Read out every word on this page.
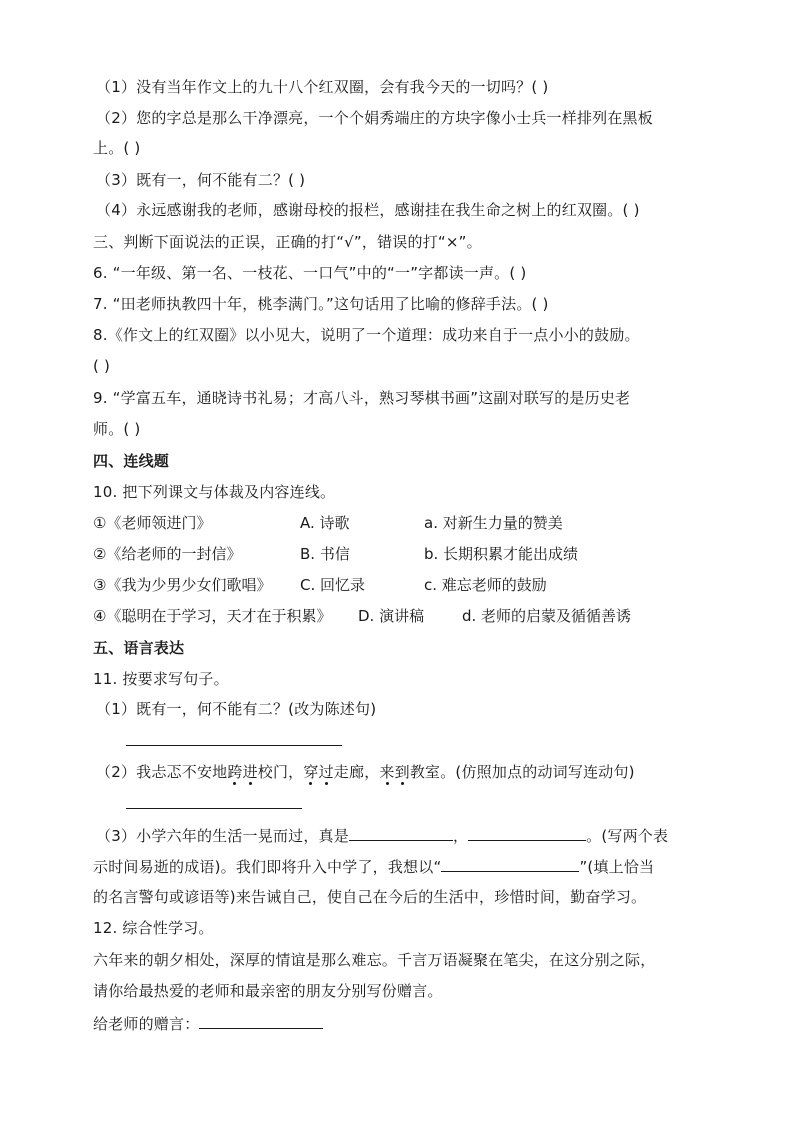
（1）没有当年作文上的九十八个红双圈，会有我今天的一切吗？( )
（2）您的字总是那么干净漂亮，一个个娟秀端庄的方块字像小士兵一样排列在黑板
上。( )
（3）既有一，何不能有二？( )
（4）永远感谢我的老师，感谢母校的报栏，感谢挂在我生命之树上的红双圈。( )
三、判断下面说法的正误，正确的打“√”，错误的打“×”。
6. “一年级、第一名、一枝花、一口气”中的“一”字都读一声。( )
7. “田老师执教四十年，桃李满门。”这句话用了比喻的修辞手法。( )
8.《作文上的红双圈》以小见大，说明了一个道理：成功来自于一点小小的鼓励。
( )
9. “学富五车，通晓诗书礼易；才高八斗，熟习琴棋书画”这副对联写的是历史老
师。( )
四、连线题
10. 把下列课文与体裁及内容连线。
①《老师领进门》	A. 诗歌	a. 对新生力量的赞美
②《给老师的一封信》	B. 书信	b. 长期积累才能出成绩
③《我为少男少女们歌唱》 C. 回忆录	c. 难忘老师的鼓励
④《聪明在于学习，天才在于积累》 D. 演讲稿	d. 老师的启蒙及循循善诱
五、语言表达
11. 按要求写句子。
（1）既有一，何不能有二？(改为陈述句)
（2）我忐忑不安地跨进校门，穿过走廊，来到教室。(仿照加点的动词写连动句)
（3）小学六年的生活一晃而过，真是	，	。(写两个表
示时间易逝的成语)。我们即将升入中学了，我想以“	”(填上恰当
的名言警句或谚语等)来告诫自己，使自己在今后的生活中，珍惜时间，勤奋学习。
12. 综合性学习。
六年来的朝夕相处，深厚的情谊是那么难忘。千言万语凝聚在笔尖，在这分别之际，
请你给最热爱的老师和最亲密的朋友分别写份赠言。
给老师的赠言：
